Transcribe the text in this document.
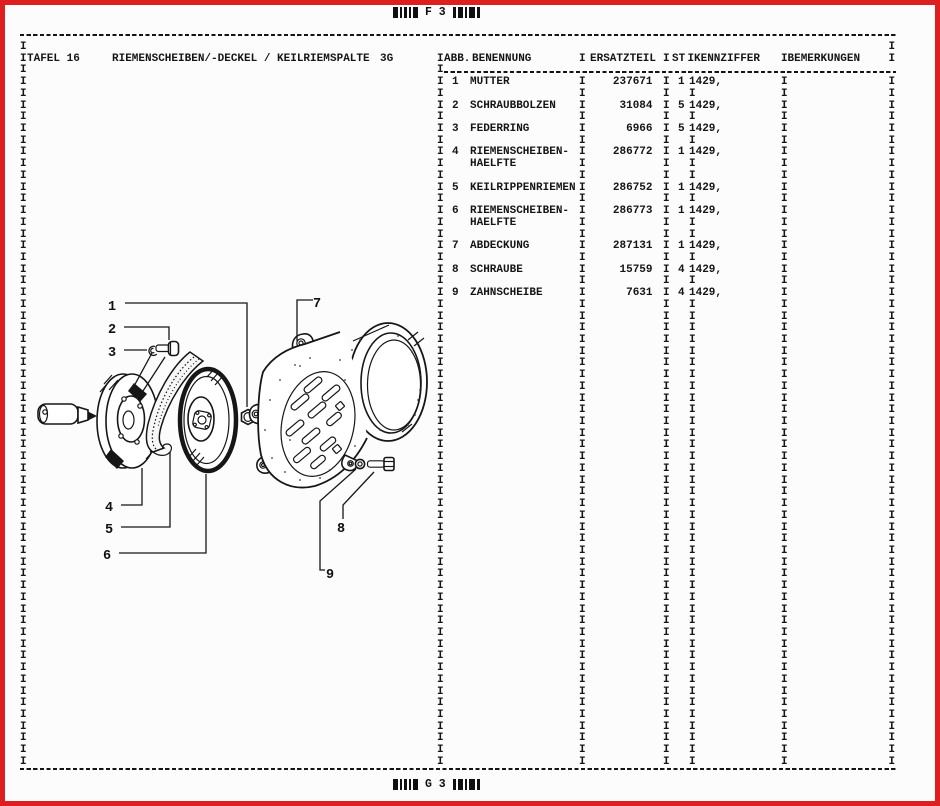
F 3
G 3
I
I
I
I
I
I
I
I
I
I
I
I
I
I
I
I
I
I
I
I
I
I
I
I
I
I
I
I
I
I
I
I
I
I
I
I
I
I
I
I
I
I
I
I
I
I
I
I
I
I
I
I
I
I
I
I
I
I
I
I
I
I
I
I
I
I
I
I
I
I
I
I
I
I
I
I
I
I
I
I
I
I
I
I
I
I
I
I
I
I
I
I
I
I
I
I
I
I
I
I
I
I
I
I
I
I
I
I
I
I
I
I
I
I
I
I
I
I
I
I
I
I
I
I
I
I
I
I
I
I
I
I
I
I
I
I
I
I
I
I
I
I
I
I
I
I
I
I
I
I
I
I
I
I
I
I
I
I
I
I
I
I
I
I
I
I
I
I
I
I
I
I
I
I
I
I
I
I
I
I
I
I
I
I
I
I
I
I
I
I
I
I
I
I
I
I
I
I
I
I
I
I
I
I
I
I
I
I
I
I
I
I
I
I
I
I
I
I
I
I
I
I
I
I
I
I
I
I
I
I
I
I
I
I
I
I
I
I
I
I
I
I
I
I
I
I
I
I
I
I
I
I
I
I
I
I
I
I
I
I
I
I
I
I
I
I
I
I
I
I
I
I
I
I
I
I
I
I
I
I
I
I
I
I
I
I
I
I
I
I
I
I
I
I
I
I
I
I
I
I
I
I
I
I
I
I
I
I
I
I
I
I
I
I
I
I
I
I
I
I
I
I
I
I
I
I
I
I
I
I
I
I
I
I
I
I
I
I
I
I
I
I
I
I
I
I
I
I
I
I
I
I
I
I
I
I
I
I
I
I
I
I
I
I
I
I
I
I
I
I
I
I
I
I
I
I
I
I
I
I
I
I
I
I
I
I
I
I
I
I
I
I
I
I
I
I
I
I
I
I
I
I
I
I
I
I
I
I
I
I
I
I
I
I
TAFEL 16	RIEMENSCHEIBEN/-DECKEL / KEILRIEM SPALTE 3G	ABB. BENENNUNG	ERSATZTEIL ST I KENNZIFFER BEMERKUNGEN
1 MUTTER	237671 1 1429,
2 SCHRAUBBOLZEN	31084 5 1429,
3 FEDERRING	6966 5 1429,
4 RIEMENSCHEIBEN-	286772 1 1429,
HAELFTE
5 KEILRIPPENRIEMEN	286752 1 1429,
6 RIEMENSCHEIBEN-	286773 1 1429,
HAELFTE
7 ABDECKUNG	287131 1 1429,
8 SCHRAUBE	15759 4 1429,
9 ZAHNSCHEIBE	7631 4 1429,
1
2
3
4
5
6
7
8
9
